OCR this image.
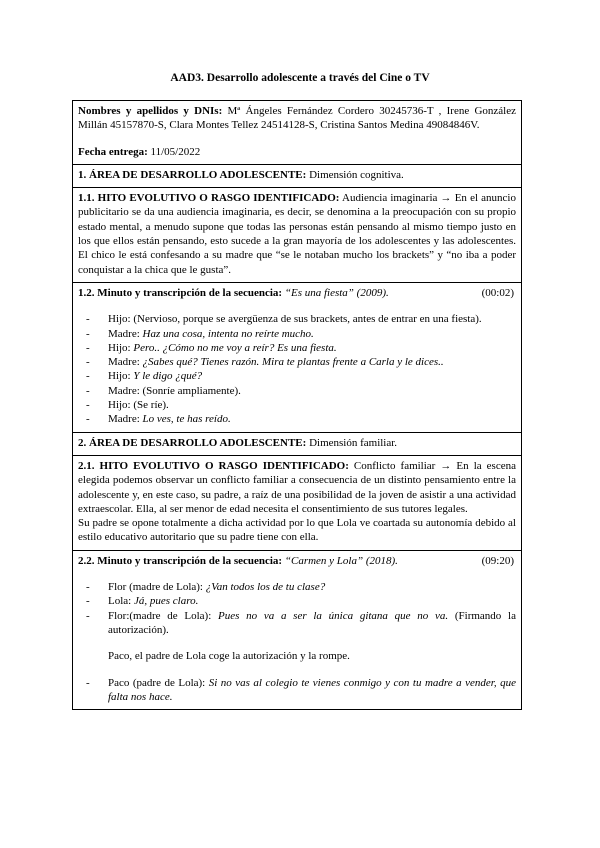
AAD3. Desarrollo adolescente a través del Cine o TV

Nombres y apellidos y DNIs: Mª Ángeles Fernández Cordero 30245736-T , Irene González Millán 45157870-S, Clara Montes Tellez 24514128-S, Cristina Santos Medina 49084846V.

Fecha entrega: 11/05/2022

1. ÁREA DE DESARROLLO ADOLESCENTE: Dimensión cognitiva.

1.1. HITO EVOLUTIVO O RASGO IDENTIFICADO: Audiencia imaginaria → En el anuncio publicitario se da una audiencia imaginaria, es decir, se denomina a la preocupación con su propio estado mental, a menudo supone que todas las personas están pensando al mismo tiempo justo en los que ellos están pensando, esto sucede a la gran mayoría de los adolescentes y las adolescentes. El chico le está confesando a su madre que “se le notaban mucho los brackets” y “no iba a poder conquistar a la chica que le gusta”.

1.2. Minuto y transcripción de la secuencia: “Es una fiesta” (2009).	(00:02)
- Hijo: (Nervioso, porque se avergüenza de sus brackets, antes de entrar en una fiesta).
- Madre: Haz una cosa, intenta no reírte mucho.
- Hijo: Pero.. ¿Cómo no me voy a reír? Es una fiesta.
- Madre: ¿Sabes qué? Tienes razón. Mira te plantas frente a Carla y le dices..
- Hijo: Y le digo ¿qué?
- Madre: (Sonríe ampliamente).
- Hijo: (Se ríe).
- Madre: Lo ves, te has reído.

2. ÁREA DE DESARROLLO ADOLESCENTE: Dimensión familiar.

2.1. HITO EVOLUTIVO O RASGO IDENTIFICADO: Conflicto familiar → En la escena elegida podemos observar un conflicto familiar a consecuencia de un distinto pensamiento entre la adolescente y, en este caso, su padre, a raíz de una posibilidad de la joven de asistir a una actividad extraescolar. Ella, al ser menor de edad necesita el consentimiento de sus tutores legales.

Su padre se opone totalmente a dicha actividad por lo que Lola ve coartada su autonomía debido al estilo educativo autoritario que su padre tiene con ella.

2.2. Minuto y transcripción de la secuencia: “Carmen y Lola” (2018).	(09:20)
- Flor (madre de Lola): ¿Van todos los de tu clase?
- Lola: Já, pues claro.
- Flor:(madre de Lola): Pues no va a ser la única gitana que no va. (Firmando la autorización).

Paco, el padre de Lola coge la autorización y la rompe.

- Paco (padre de Lola): Si no vas al colegio te vienes conmigo y con tu madre a vender, que falta nos hace.
